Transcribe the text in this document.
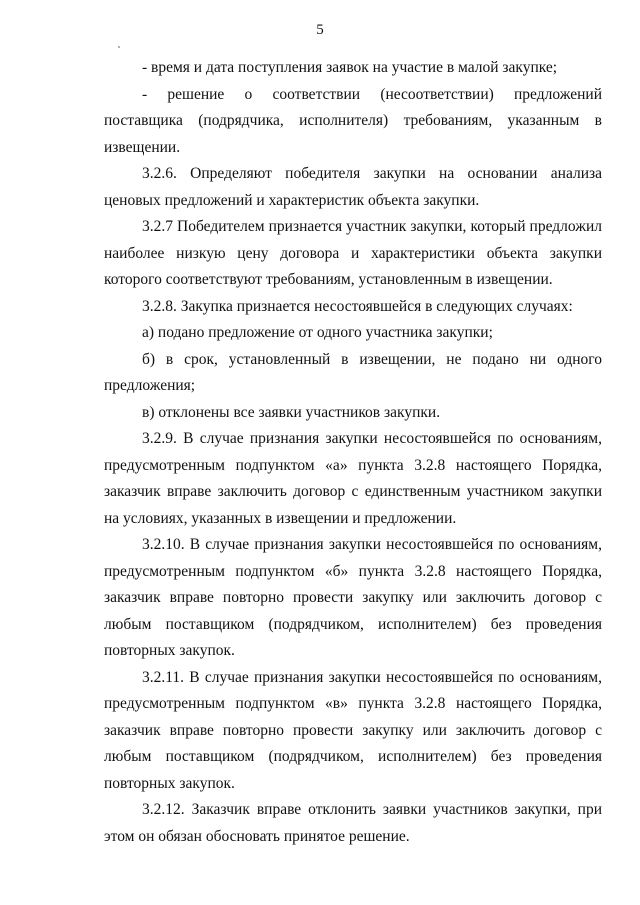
5

- время и дата поступления заявок на участие в малой закупке;

- решение о соответствии (несоответствии) предложений поставщика (подрядчика, исполнителя) требованиям, указанным в извещении.

3.2.6. Определяют победителя закупки на основании анализа ценовых предложений и характеристик объекта закупки.

3.2.7 Победителем признается участник закупки, который предложил наиболее низкую цену договора и характеристики объекта закупки которого соответствуют требованиям, установленным в извещении.

3.2.8. Закупка признается несостоявшейся в следующих случаях:

а) подано предложение от одного участника закупки;

б) в срок, установленный в извещении, не подано ни одного предложения;

в) отклонены все заявки участников закупки.

3.2.9. В случае признания закупки несостоявшейся по основаниям, предусмотренным подпунктом «а» пункта 3.2.8 настоящего Порядка, заказчик вправе заключить договор с единственным участником закупки на условиях, указанных в извещении и предложении.

3.2.10. В случае признания закупки несостоявшейся по основаниям, предусмотренным подпунктом «б» пункта 3.2.8 настоящего Порядка, заказчик вправе повторно провести закупку или заключить договор с любым поставщиком (подрядчиком, исполнителем) без проведения повторных закупок.

3.2.11. В случае признания закупки несостоявшейся по основаниям, предусмотренным подпунктом «в» пункта 3.2.8 настоящего Порядка, заказчик вправе повторно провести закупку или заключить договор с любым поставщиком (подрядчиком, исполнителем) без проведения повторных закупок.

3.2.12. Заказчик вправе отклонить заявки участников закупки, при этом он обязан обосновать принятое решение.
